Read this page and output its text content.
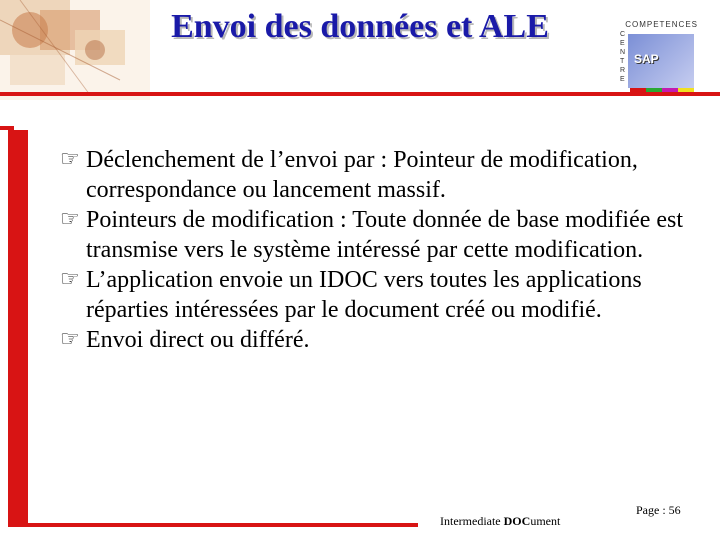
Envoi des données et ALE	COMPETENCES
C
E
N
T
R
E
SAP
☞ Déclenchement de l’envoi par : Pointeur de modification, correspondance ou lancement massif.
☞ Pointeurs de modification : Toute donnée de base modifiée est transmise vers le système intéressé par cette modification.
☞ L’application envoie un IDOC vers toutes les applications réparties intéressées par le document créé ou modifié.
☞ Envoi direct ou différé.
Intermediate DOCument
Page : 56
